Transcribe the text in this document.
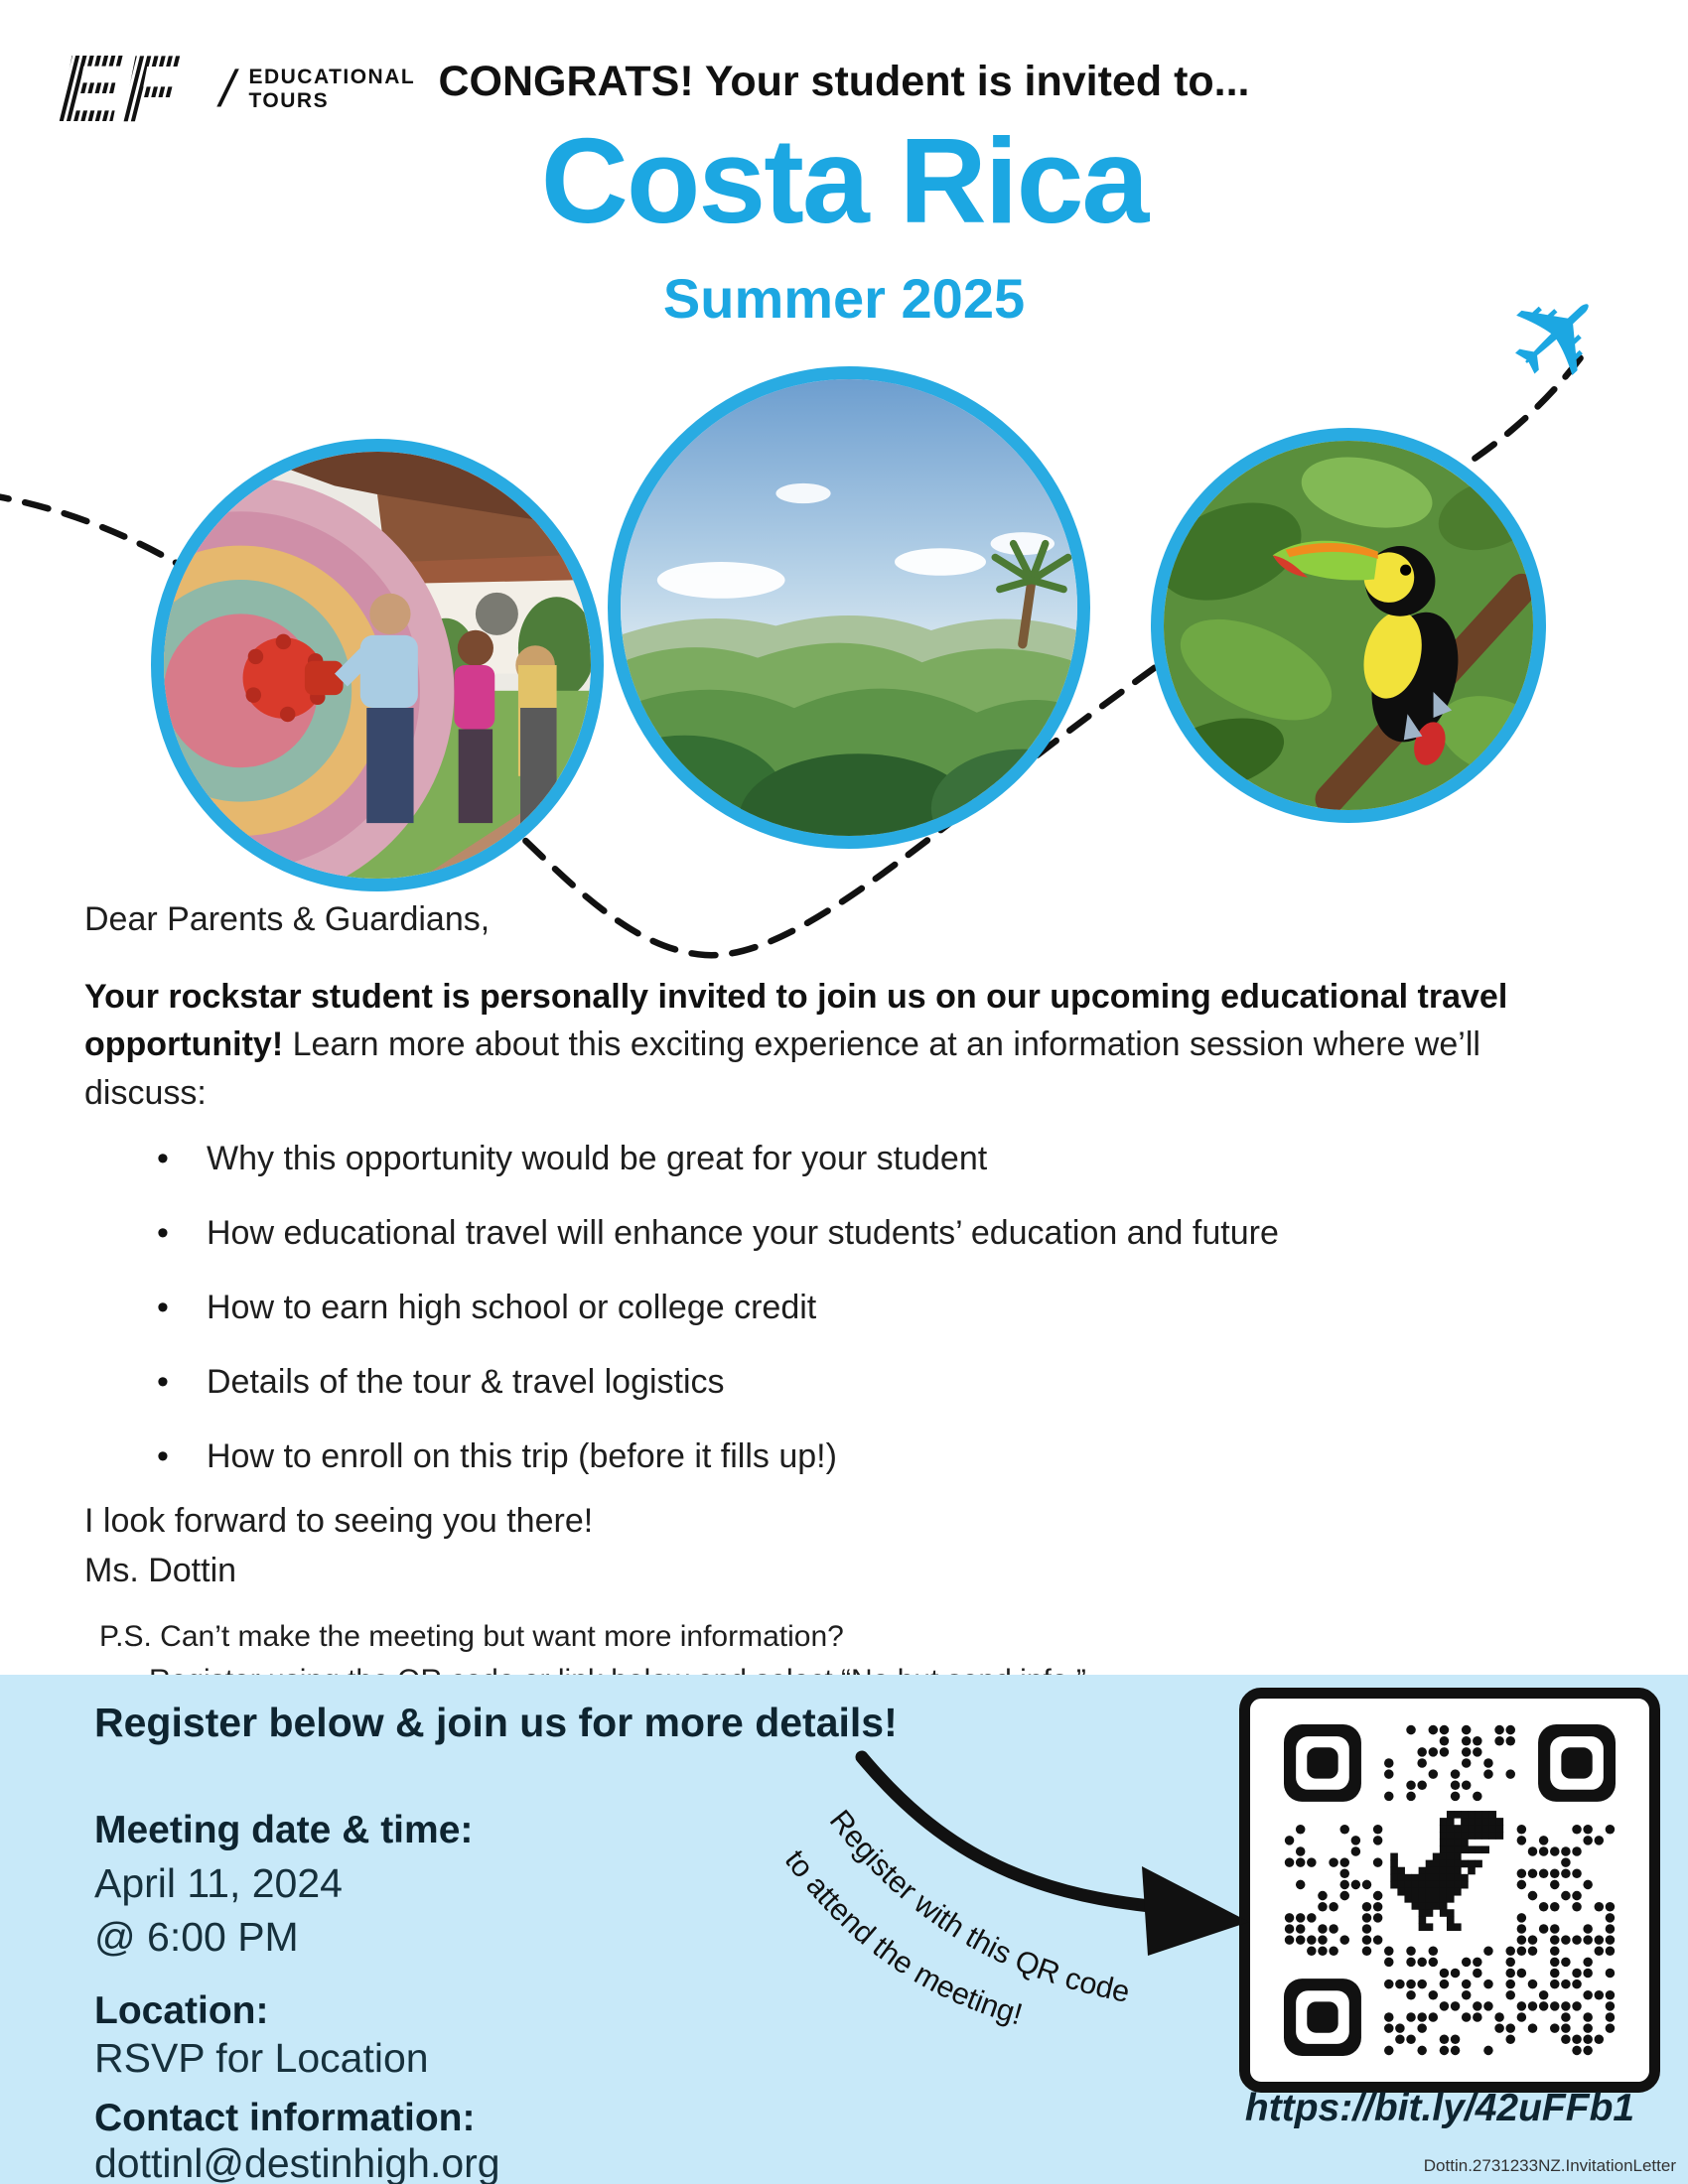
✈
EF / EDUCATIONAL
TOURS	CONGRATS! Your student is invited to...
Costa Rica
Summer 2025
Dear Parents & Guardians,
Your rockstar student is personally invited to join us on our upcoming educational travel opportunity! Learn more about this exciting experience at an information session where we’ll discuss:
• Why this opportunity would be great for your student
• How educational travel will enhance your students’ education and future
• How to earn high school or college credit
• Details of the tour & travel logistics
• How to enroll on this trip (before it fills up!)
I look forward to seeing you there!
Ms. Dottin
P.S. Can’t make the meeting but want more information?
Register below & join us for more details!
Meeting date & time:
April 11, 2024
@ 6:00 PM
Location:
RSVP for Location
Contact information:
dottinl@destinhigh.org
Register with this QR code
to attend the meeting!
https://bit.ly/42uFFb1
Dottin.2731233NZ.InvitationLetter
